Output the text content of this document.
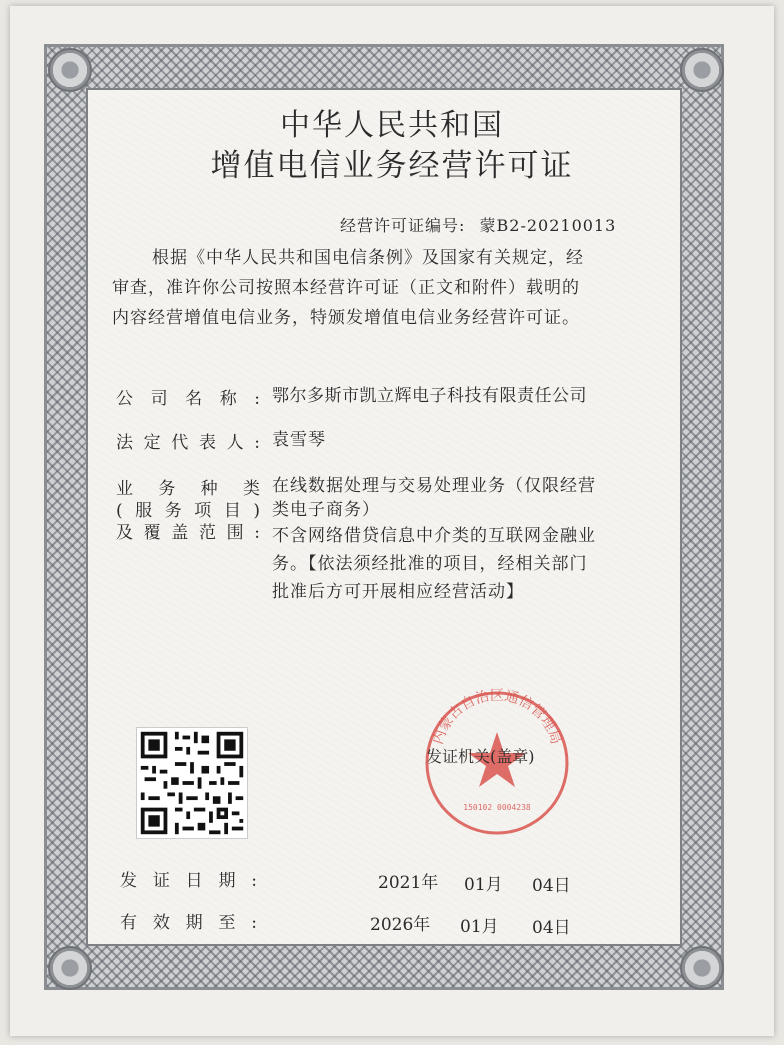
中华人民共和国
增值电信业务经营许可证
经营许可证编号: 蒙B2-20210013
根据《中华人民共和国电信条例》及国家有关规定，经
审查，准许你公司按照本经营许可证（正文和附件）载明的
内容经营增值电信业务，特颁发增值电信业务经营许可证。
公司名称: 鄂尔多斯市凯立辉电子科技有限责任公司
法定代表人: 袁雪琴
业务种类
(服务项目)
及覆盖范围:
在线数据处理与交易处理业务（仅限经营
类电子商务）
不含网络借贷信息中介类的互联网金融业
务。【依法须经批准的项目，经相关部门
批准后方可开展相应经营活动】
内蒙古自治区通信管理局
150102 0004238
发证机关(盖章)
发证日期:	2021年 01月 04日
有效期至:	2026年 01月 04日
